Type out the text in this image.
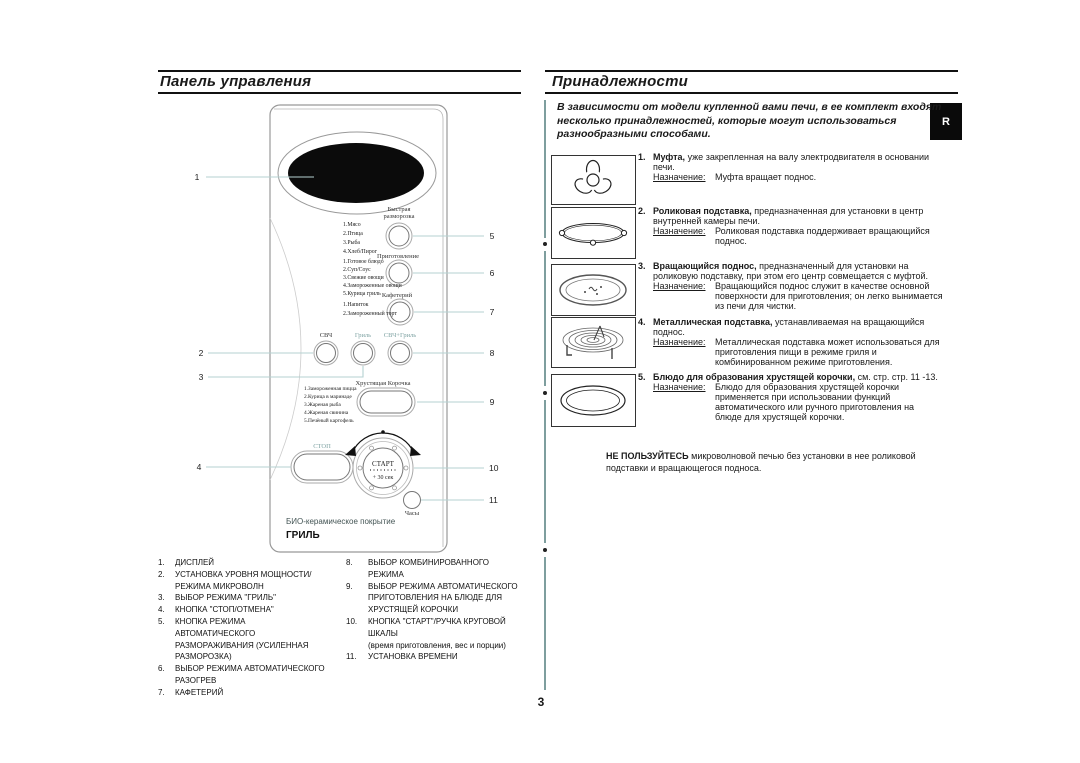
Панель управления	Принадлежности
R
3
1
Быстрая
разморозка
1.Мясо
2.Птица
3.Рыба
4.Хлеб/Пирог
5
Приготовление
1.Готовое блюдо
2.Суп/Соус
3.Свежие овощи
4.Замороженные овощи
5.Курица гриль
6
Кафетерий
1.Напиток
2.Замороженный торт	7
СВЧ	Гриль СВЧ+Гриль
8
2
3
Хрустящая Корочка
1.Замороженная пицца
2.Курица в маринаде
3.Жареная рыба
4.Жареная свинина
5.Печёный картофель
9
СТОП
4	СТАРТ
+ 30 сек
10
Часы
11
БИО-керамическое покрытие
ГРИЛЬ
1.	ДИСПЛЕЙ
2.	УСТАНОВКА УРОВНЯ МОЩНОСТИ/
РЕЖИМА МИКРОВОЛН
3.	ВЫБОР РЕЖИМА "ГРИЛЬ"
4.	КНОПКА "СТОП/ОТМЕНА"
5.	КНОПКА РЕЖИМА
АВТОМАТИЧЕСКОГО
РАЗМОРАЖИВАНИЯ (УСИЛЕННАЯ
РАЗМОРОЗКА)
6.	ВЫБОР РЕЖИМА АВТОМАТИЧЕСКОГО
РАЗОГРЕВ
7.	КАФЕТЕРИЙ
8.	ВЫБОР КОМБИНИРОВАННОГО
РЕЖИМА
9.	ВЫБОР РЕЖИМА АВТОМАТИЧЕСКОГО
ПРИГОТОВЛЕНИЯ НА БЛЮДЕ ДЛЯ
ХРУСТЯЩЕЙ КОРОЧКИ
10.	КНОПКА "СТАРТ"/РУЧКА КРУГОВОЙ
ШКАЛЫ
(время приготовления, вес и порции)
11.	УСТАНОВКА ВРЕМЕНИ
В зависимости от модели купленной вами печи, в ее комплект входят
несколько принадлежностей, которые могут использоваться
разнообразными способами.
1. Муфта, уже закрепленная на валу электродвигателя в основании
печи.
Назначение:	Муфта вращает поднос.
2. Роликовая подставка, предназначенная для установки в центр
внутренней камеры печи.
Назначение:	Роликовая подставка поддерживает вращающийся
поднос.
3. Вращающийся поднос, предназначенный для установки на
роликовую подставку, при этом его центр совмещается с муфтой.
Назначение:	Вращающийся поднос служит в качестве основной
поверхности для приготовления; он легко вынимается
из печи для чистки.
4. Металлическая подставка, устанавливаемая на вращающийся
поднос.
Назначение:	Металлическая подставка может использоваться для
приготовления пищи в режиме гриля и
комбинированном режиме приготовления.
5. Блюдо для образования хрустящей корочки, см. стр. стр. 11 -13.
Назначение:	Блюдо для образования хрустящей корочки
применяется при использовании функций
автоматического или ручного приготовления на
блюде для хрустящей корочки.
НЕ ПОЛЬЗУЙТЕСЬ микроволновой печью без установки в нее роликовой
подставки и вращающегося подноса.
